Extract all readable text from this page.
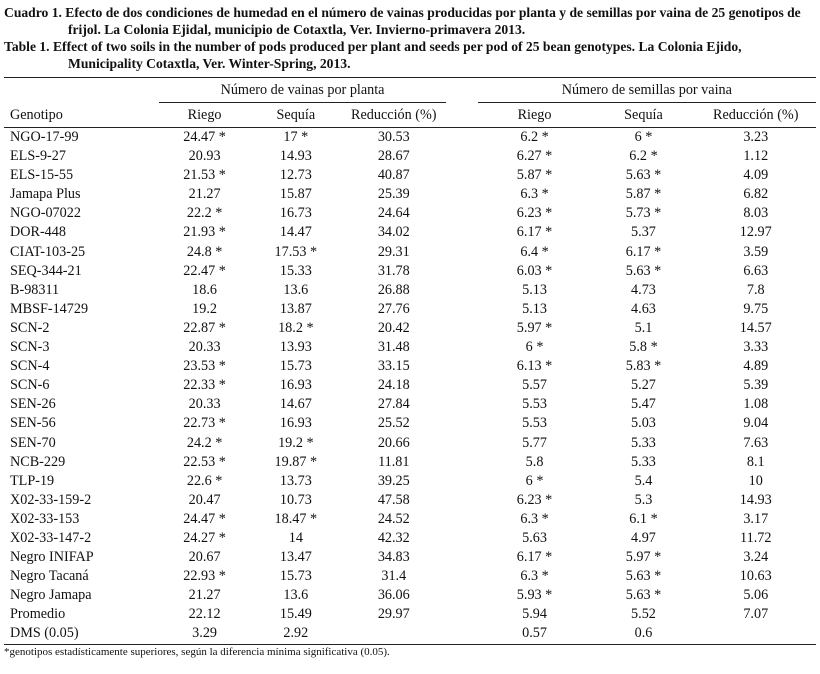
Cuadro 1. Efecto de dos condiciones de humedad en el número de vainas producidas por planta y de semillas por vaina de 25 genotipos de frijol. La Colonia Ejidal, municipio de Cotaxtla, Ver. Invierno-primavera 2013.

Table 1. Effect of two soils in the number of pods produced per plant and seeds per pod of 25 bean genotypes. La Colonia Ejido, Municipality Cotaxtla, Ver. Winter-Spring, 2013.

	Número de vainas por planta				Número de semillas por vaina		
Genotipo	Riego	Sequía	Reducción (%)		Riego	Sequía	Reducción (%)
NGO-17-99	24.47 *	17 *	30.53		6.2 *	6 *	3.23
ELS-9-27	20.93	14.93	28.67		6.27 *	6.2 *	1.12
ELS-15-55	21.53 *	12.73	40.87		5.87 *	5.63 *	4.09
Jamapa Plus	21.27	15.87	25.39		6.3 *	5.87 *	6.82
NGO-07022	22.2 *	16.73	24.64		6.23 *	5.73 *	8.03
DOR-448	21.93 *	14.47	34.02		6.17 *	5.37	12.97
CIAT-103-25	24.8 *	17.53 *	29.31		6.4 *	6.17 *	3.59
SEQ-344-21	22.47 *	15.33	31.78		6.03 *	5.63 *	6.63
B-98311	18.6	13.6	26.88		5.13	4.73	7.8
MBSF-14729	19.2	13.87	27.76		5.13	4.63	9.75
SCN-2	22.87 *	18.2 *	20.42		5.97 *	5.1	14.57
SCN-3	20.33	13.93	31.48		6 *	5.8 *	3.33
SCN-4	23.53 *	15.73	33.15		6.13 *	5.83 *	4.89
SCN-6	22.33 *	16.93	24.18		5.57	5.27	5.39
SEN-26	20.33	14.67	27.84		5.53	5.47	1.08
SEN-56	22.73 *	16.93	25.52		5.53	5.03	9.04
SEN-70	24.2 *	19.2 *	20.66		5.77	5.33	7.63
NCB-229	22.53 *	19.87 *	11.81		5.8	5.33	8.1
TLP-19	22.6 *	13.73	39.25		6 *	5.4	10
X02-33-159-2	20.47	10.73	47.58		6.23 *	5.3	14.93
X02-33-153	24.47 *	18.47 *	24.52		6.3 *	6.1 *	3.17
X02-33-147-2	24.27 *	14	42.32		5.63	4.97	11.72
Negro INIFAP	20.67	13.47	34.83		6.17 *	5.97 *	3.24
Negro Tacaná	22.93 *	15.73	31.4		6.3 *	5.63 *	10.63
Negro Jamapa	21.27	13.6	36.06		5.93 *	5.63 *	5.06
Promedio	22.12	15.49	29.97		5.94	5.52	7.07
DMS (0.05)	3.29	2.92			0.57	0.6	
*genotipos estadísticamente superiores, según la diferencia mínima significativa (0.05).
